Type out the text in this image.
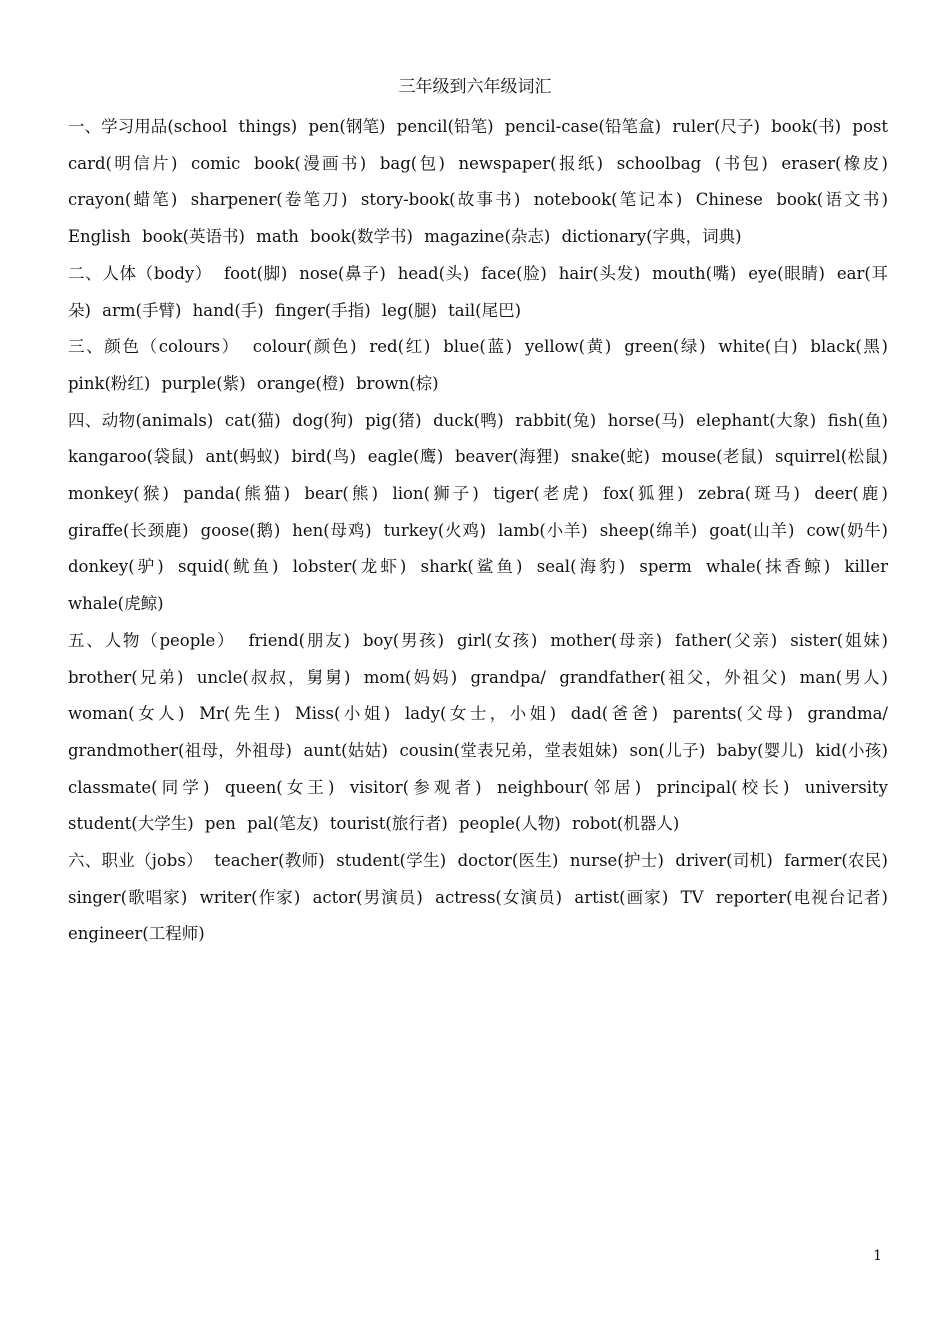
三年级到六年级词汇

一、学习用品(school things) pen(钢笔) pencil(铅笔) pencil-case(铅笔盒) ruler(尺子) book(书) post card(明信片) comic book(漫画书) bag(包) newspaper(报纸) schoolbag (书包) eraser(橡皮) crayon(蜡笔) sharpener(卷笔刀) story-book(故事书) notebook(笔记本) Chinese book(语文书) English book(英语书) math book(数学书) magazine(杂志) dictionary(字典，词典)

二、人体（body） foot(脚) nose(鼻子) head(头) face(脸) hair(头发) mouth(嘴) eye(眼睛) ear(耳朵) arm(手臂) hand(手) finger(手指) leg(腿) tail(尾巴)

三、颜色（colours） colour(颜色) red(红) blue(蓝) yellow(黄) green(绿) white(白) black(黑) pink(粉红) purple(紫) orange(橙) brown(棕)

四、动物(animals) cat(猫) dog(狗) pig(猪) duck(鸭) rabbit(兔) horse(马) elephant(大象) fish(鱼) kangaroo(袋鼠) ant(蚂蚁) bird(鸟) eagle(鹰) beaver(海狸) snake(蛇) mouse(老鼠) squirrel(松鼠) monkey(猴) panda(熊猫) bear(熊) lion(狮子) tiger(老虎) fox(狐狸) zebra(斑马) deer(鹿) giraffe(长颈鹿) goose(鹅) hen(母鸡) turkey(火鸡) lamb(小羊) sheep(绵羊) goat(山羊) cow(奶牛) donkey(驴) squid(鱿鱼) lobster(龙虾) shark(鲨鱼) seal(海豹) sperm whale(抹香鲸) killer whale(虎鲸)

五、人物（people） friend(朋友) boy(男孩) girl(女孩) mother(母亲) father(父亲) sister(姐妹) brother(兄弟) uncle(叔叔，舅舅) mom(妈妈) grandpa/ grandfather(祖父，外祖父) man(男人) woman(女人) Mr(先生) Miss(小姐) lady(女士，小姐) dad(爸爸) parents(父母) grandma/ grandmother(祖母，外祖母) aunt(姑姑) cousin(堂表兄弟，堂表姐妹) son(儿子) baby(婴儿) kid(小孩) classmate(同学) queen(女王) visitor(参观者) neighbour(邻居) principal(校长) university student(大学生) pen pal(笔友) tourist(旅行者) people(人物) robot(机器人)

六、职业（jobs） teacher(教师) student(学生) doctor(医生) nurse(护士) driver(司机) farmer(农民) singer(歌唱家) writer(作家) actor(男演员) actress(女演员) artist(画家) TV reporter(电视台记者) engineer(工程师)

1
